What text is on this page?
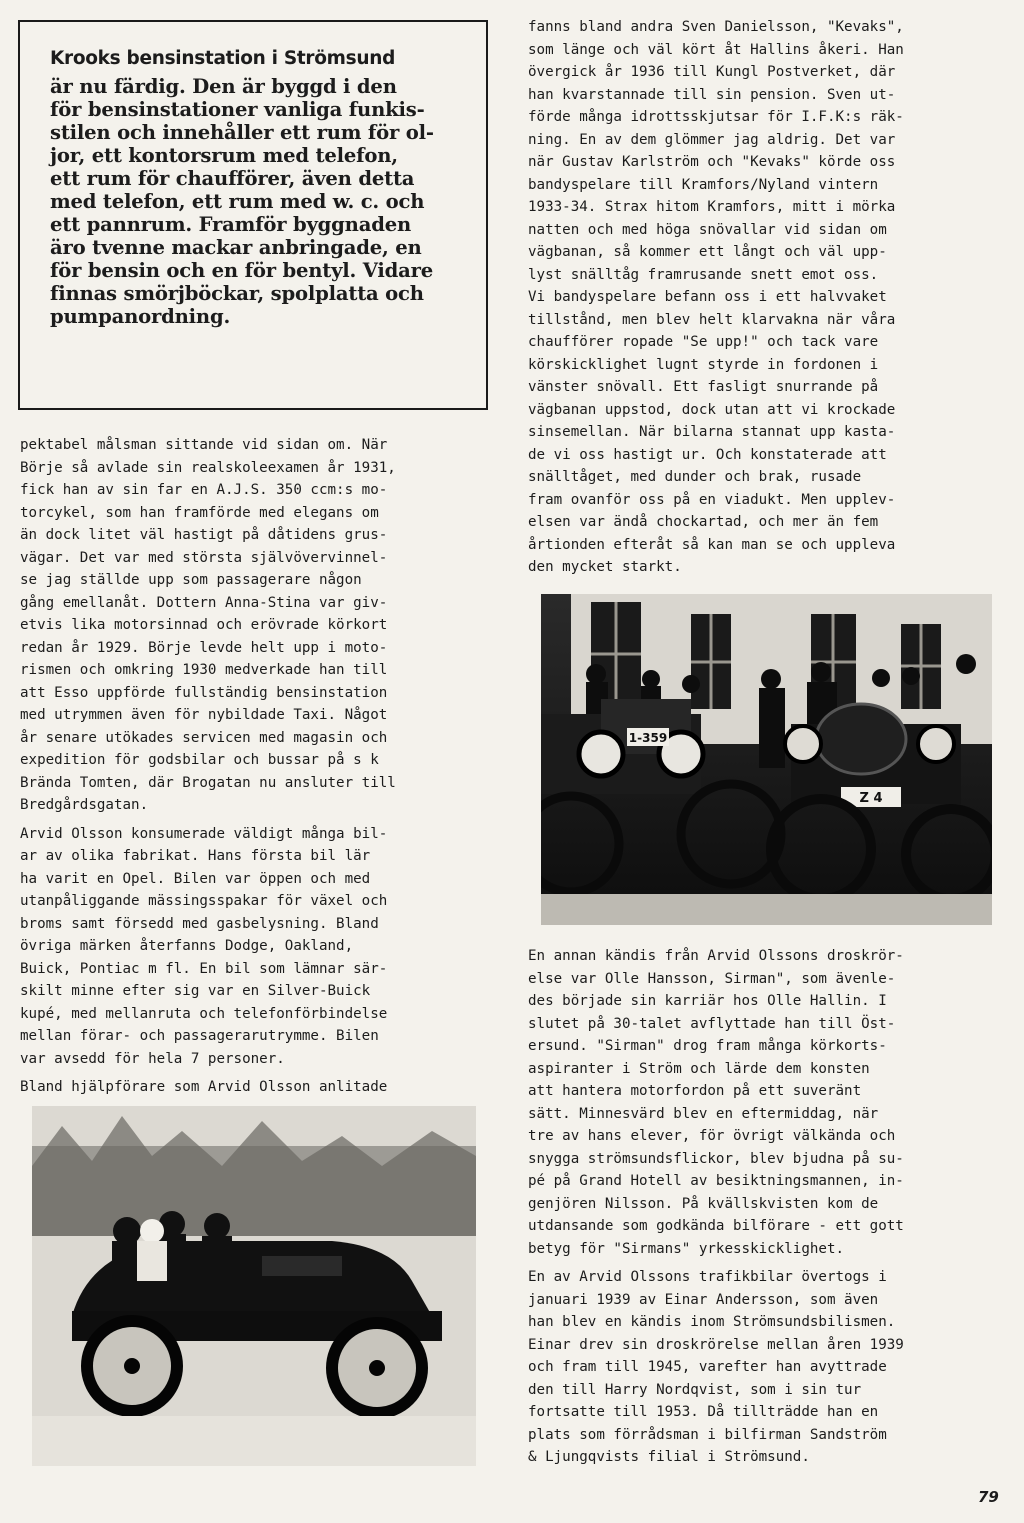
Krooks bensinstation i Strömsund

är nu färdig. Den är byggd i den
för bensinstationer vanliga funkis-
stilen och innehåller ett rum för ol-
jor, ett kontorsrum med telefon,
ett rum för chaufförer, även detta
med telefon, ett rum med w. c. och
ett pannrum. Framför byggnaden
äro tvenne mackar anbringade, en
för bensin och en för bentyl. Vidare
finnas smörjböckar, spolplatta och
pumpanordning.

pektabel målsman sittande vid sidan om. När
Börje så avlade sin realskoleexamen år 1931,
fick han av sin far en A.J.S. 350 ccm:s mo-
torcykel, som han framförde med elegans om
än dock litet väl hastigt på dåtidens grus-
vägar. Det var med största självövervinnel-
se jag ställde upp som passagerare någon
gång emellanåt. Dottern Anna-Stina var giv-
etvis lika motorsinnad och erövrade körkort
redan år 1929. Börje levde helt upp i moto-
rismen och omkring 1930 medverkade han till
att Esso uppförde fullständig bensinstation
med utrymmen även för nybildade Taxi. Något
år senare utökades servicen med magasin och
expedition för godsbilar och bussar på s k
Brända Tomten, där Brogatan nu ansluter till
Bredgårdsgatan.

Arvid Olsson konsumerade väldigt många bil-
ar av olika fabrikat. Hans första bil lär
ha varit en Opel. Bilen var öppen och med
utanpåliggande mässingsspakar för växel och
broms samt försedd med gasbelysning. Bland
övriga märken återfanns Dodge, Oakland,
Buick, Pontiac m fl. En bil som lämnar sär-
skilt minne efter sig var en Silver-Buick
kupé, med mellanruta och telefonförbindelse
mellan förar- och passagerarutrymme. Bilen
var avsedd för hela 7 personer.

Bland hjälpförare som Arvid Olsson anlitade

fanns bland andra Sven Danielsson, "Kevaks",
som länge och väl kört åt Hallins åkeri. Han
övergick år 1936 till Kungl Postverket, där
han kvarstannade till sin pension. Sven ut-
förde många idrottsskjutsar för I.F.K:s räk-
ning. En av dem glömmer jag aldrig. Det var
när Gustav Karlström och "Kevaks" körde oss
bandyspelare till Kramfors/Nyland vintern
1933-34. Strax hitom Kramfors, mitt i mörka
natten och med höga snövallar vid sidan om
vägbanan, så kommer ett långt och väl upp-
lyst snälltåg framrusande snett emot oss.
Vi bandyspelare befann oss i ett halvvaket
tillstånd, men blev helt klarvakna när våra
chaufförer ropade "Se upp!" och tack vare
körskicklighet lugnt styrde in fordonen i
vänster snövall. Ett fasligt snurrande på
vägbanan uppstod, dock utan att vi krockade
sinsemellan. När bilarna stannat upp kasta-
de vi oss hastigt ur. Och konstaterade att
snälltåget, med dunder och brak, rusade
fram ovanför oss på en viadukt. Men upplev-
elsen var ändå chockartad, och mer än fem
årtionden efteråt så kan man se och uppleva
den mycket starkt.

En annan kändis från Arvid Olssons droskrör-
else var Olle Hansson, Sirman", som ävenle-
des började sin karriär hos Olle Hallin. I
slutet på 30-talet avflyttade han till Öst-
ersund. "Sirman" drog fram många körkorts-
aspiranter i Ström och lärde dem konsten
att hantera motorfordon på ett suveränt
sätt. Minnesvärd blev en eftermiddag, när
tre av hans elever, för övrigt välkända och
snygga strömsundsflickor, blev bjudna på su-
pé på Grand Hotell av besiktningsmannen, in-
genjören Nilsson. På kvällskvisten kom de
utdansande som godkända bilförare - ett gott
betyg för "Sirmans" yrkesskicklighet.

En av Arvid Olssons trafikbilar övertogs i
januari 1939 av Einar Andersson, som även
han blev en kändis inom Strömsundsbilismen.
Einar drev sin droskrörelse mellan åren 1939
och fram till 1945, varefter han avyttrade
den till Harry Nordqvist, som i sin tur
fortsatte till 1953. Då tillträdde han en
plats som förrådsman i bilfirman Sandström
& Ljungqvists filial i Strömsund.

1-359
Z 4
79
